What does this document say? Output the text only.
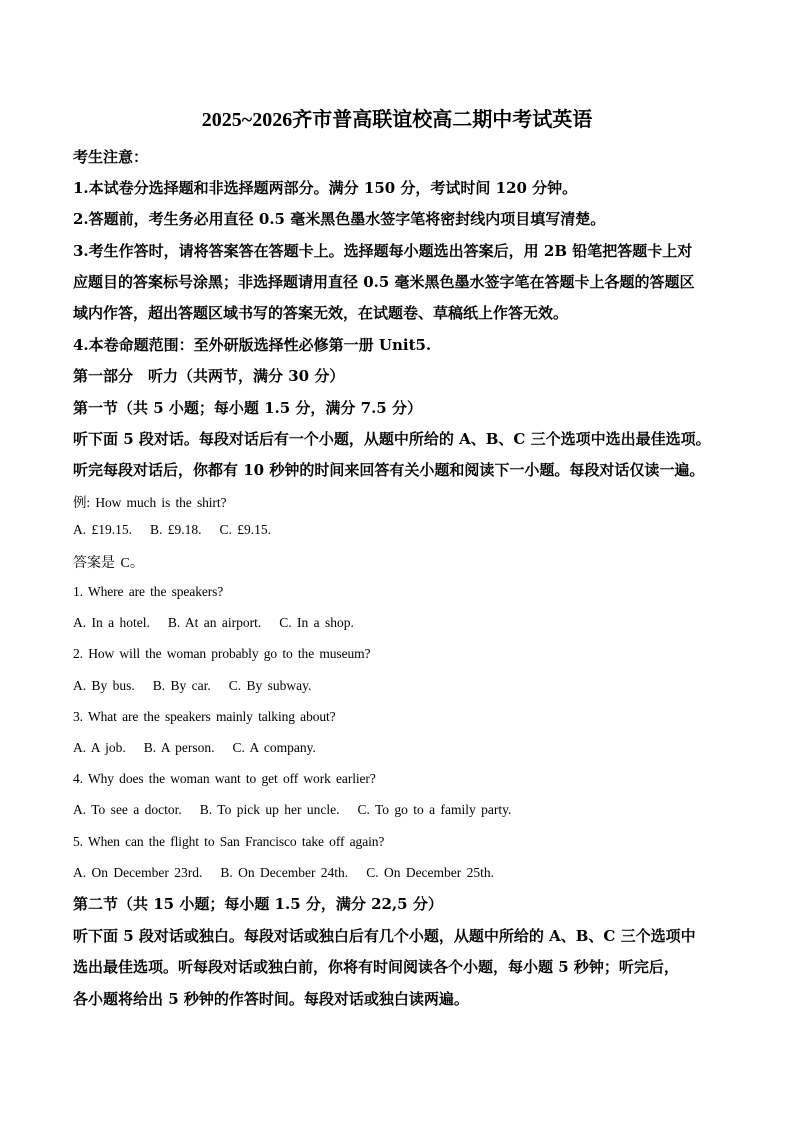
2025~2026齐市普高联谊校高二期中考试英语
考生注意：
1.本试卷分选择题和非选择题两部分。满分 150 分，考试时间 120 分钟。
2.答题前，考生务必用直径 0.5 毫米黑色墨水签字笔将密封线内项目填写清楚。
3.考生作答时，请将答案答在答题卡上。选择题每小题选出答案后，用 2B 铅笔把答题卡上对
应题目的答案标号涂黑；非选择题请用直径 0.5 毫米黑色墨水签字笔在答题卡上各题的答题区
域内作答，超出答题区域书写的答案无效，在试题卷、草稿纸上作答无效。
4.本卷命题范围：至外研版选择性必修第一册 Unit5.
第一部分　听力（共两节，满分 30 分）
第一节（共 5 小题；每小题 1.5 分，满分 7.5 分）
听下面 5 段对话。每段对话后有一个小题，从题中所给的 A、B、C 三个选项中选出最佳选项。
听完每段对话后，你都有 10 秒钟的时间来回答有关小题和阅读下一小题。每段对话仅读一遍。
例: How much is the shirt?
A. £19.15. B. £9.18. C. £9.15.
答案是 C。
1. Where are the speakers?
A. In a hotel. B. At an airport. C. In a shop.
2. How will the woman probably go to the museum?
A. By bus. B. By car. C. By subway.
3. What are the speakers mainly talking about?
A. A job. B. A person. C. A company.
4. Why does the woman want to get off work earlier?
A. To see a doctor. B. To pick up her uncle. C. To go to a family party.
5. When can the flight to San Francisco take off again?
A. On December 23rd. B. On December 24th. C. On December 25th.
第二节（共 15 小题；每小题 1.5 分，满分 22,5 分）
听下面 5 段对话或独白。每段对话或独白后有几个小题，从题中所给的 A、B、C 三个选项中
选出最佳选项。听每段对话或独白前，你将有时间阅读各个小题，每小题 5 秒钟；听完后，
各小题将给出 5 秒钟的作答时间。每段对话或独白读两遍。
